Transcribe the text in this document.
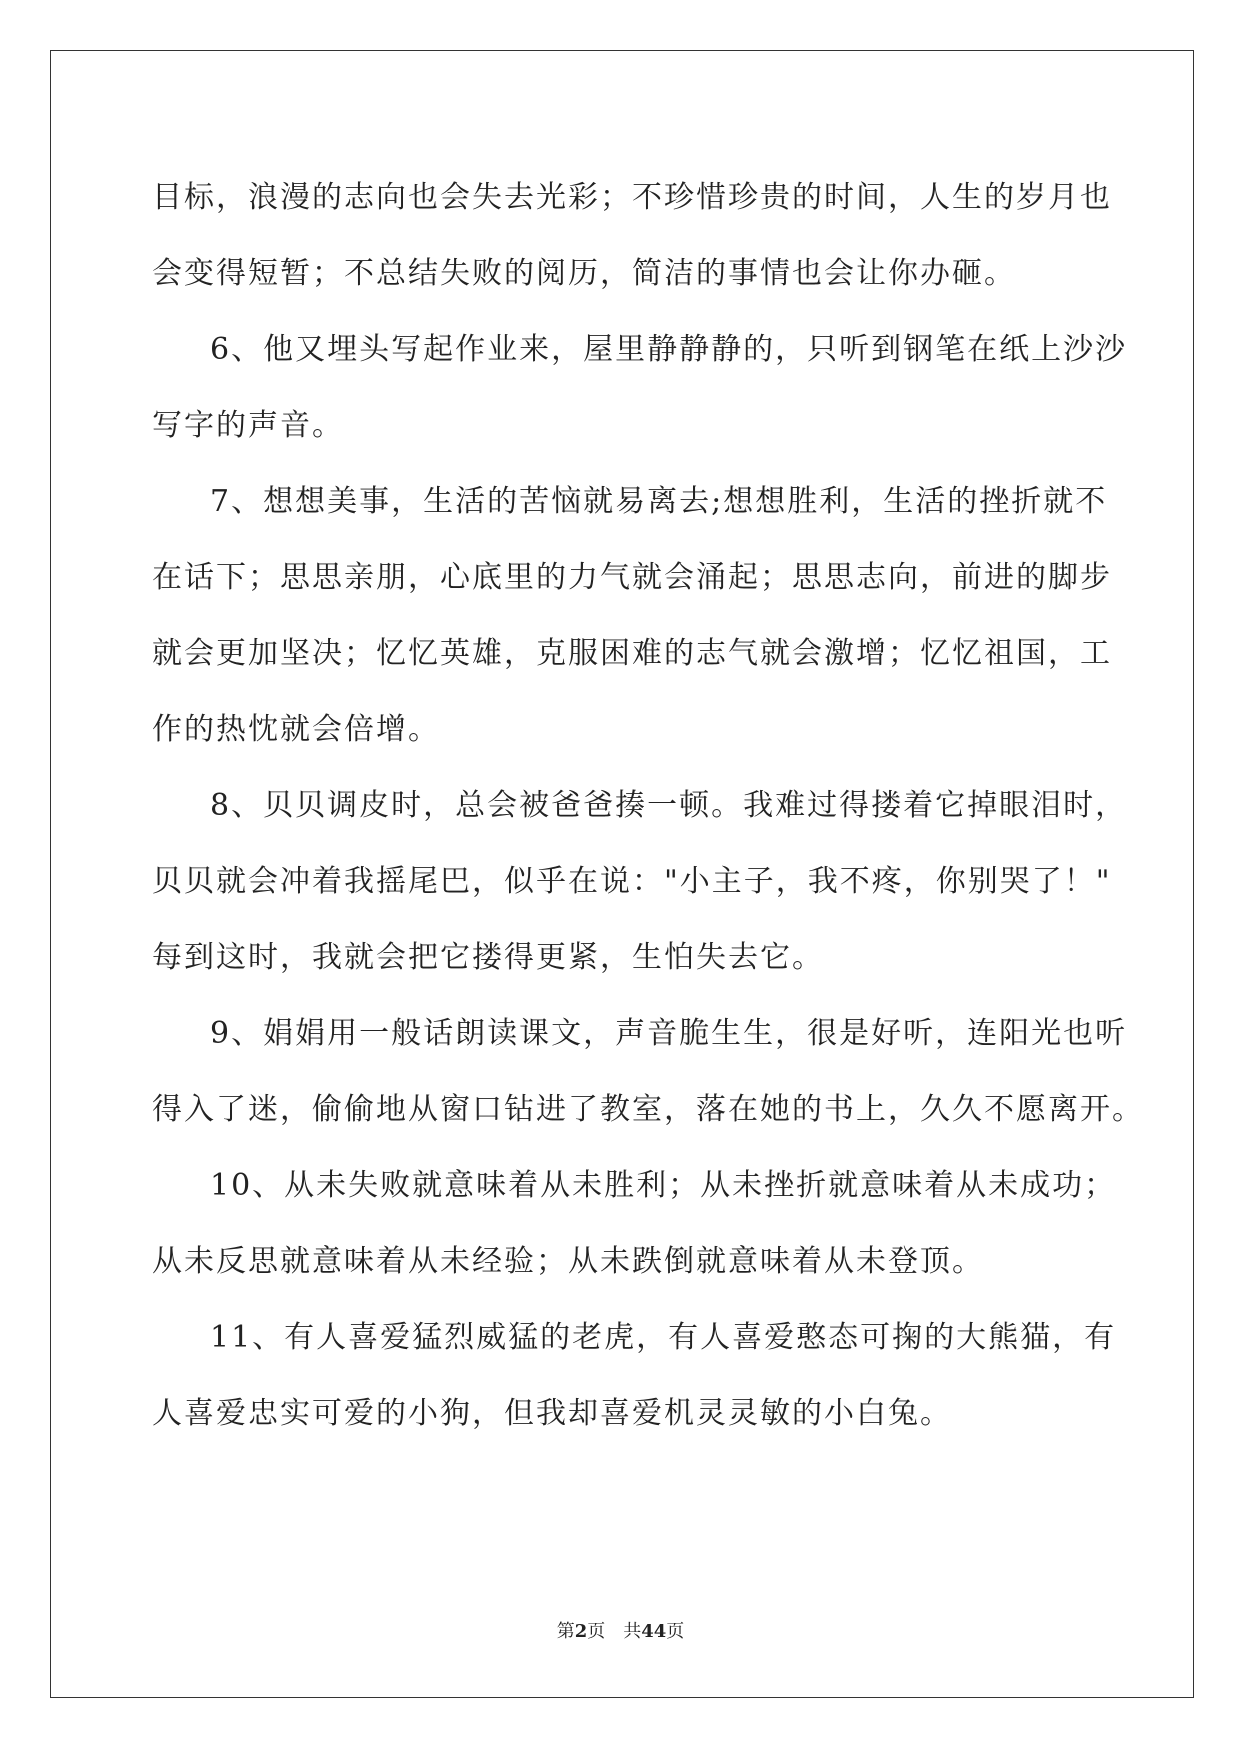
目标，浪漫的志向也会失去光彩；不珍惜珍贵的时间，人生的岁月也
会变得短暂；不总结失败的阅历，简洁的事情也会让你办砸。
6、他又埋头写起作业来，屋里静静静的，只听到钢笔在纸上沙沙
写字的声音。
7、想想美事，生活的苦恼就易离去;想想胜利，生活的挫折就不
在话下；思思亲朋，心底里的力气就会涌起；思思志向，前进的脚步
就会更加坚决；忆忆英雄，克服困难的志气就会激增；忆忆祖国，工
作的热忱就会倍增。
8、贝贝调皮时，总会被爸爸揍一顿。我难过得搂着它掉眼泪时，
贝贝就会冲着我摇尾巴，似乎在说："小主子，我不疼，你别哭了！"
每到这时，我就会把它搂得更紧，生怕失去它。
9、娟娟用一般话朗读课文，声音脆生生，很是好听，连阳光也听
得入了迷，偷偷地从窗口钻进了教室，落在她的书上，久久不愿离开。
10、从未失败就意味着从未胜利；从未挫折就意味着从未成功；
从未反思就意味着从未经验；从未跌倒就意味着从未登顶。
11、有人喜爱猛烈威猛的老虎，有人喜爱憨态可掬的大熊猫，有
人喜爱忠实可爱的小狗，但我却喜爱机灵灵敏的小白兔。
第2页 共44页
